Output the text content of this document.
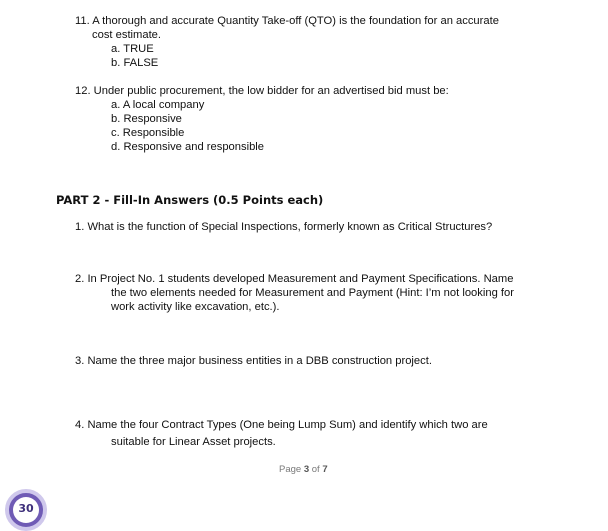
11. A thorough and accurate Quantity Take-off (QTO) is the foundation for an accurate
cost estimate.
a. TRUE
b. FALSE
12. Under public procurement, the low bidder for an advertised bid must be:
a. A local company
b. Responsive
c. Responsible
d. Responsive and responsible
PART 2 - Fill-In Answers (0.5 Points each)
1. What is the function of Special Inspections, formerly known as Critical Structures?
2. In Project No. 1 students developed Measurement and Payment Specifications. Name
the two elements needed for Measurement and Payment (Hint: I’m not looking for
work activity like excavation, etc.).
3. Name the three major business entities in a DBB construction project.
4. Name the four Contract Types (One being Lump Sum) and identify which two are
suitable for Linear Asset projects.
Page 3 of 7
30
